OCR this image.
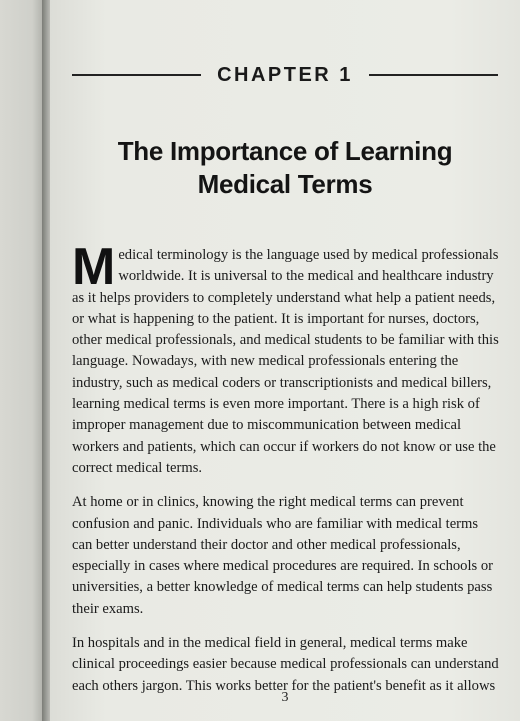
CHAPTER 1
The Importance of Learning
Medical Terms

Medical terminology is the language used by medical professionals worldwide. It is universal to the medical and healthcare industry as it helps providers to completely understand what help a patient needs, or what is happening to the patient. It is important for nurses, doctors, other medical professionals, and medical students to be familiar with this language. Nowadays, with new medical professionals entering the industry, such as medical coders or transcriptionists and medical billers, learning medical terms is even more important. There is a high risk of improper management due to miscommunication between medical workers and patients, which can occur if workers do not know or use the correct medical terms.

At home or in clinics, knowing the right medical terms can prevent confusion and panic. Individuals who are familiar with medical terms can better understand their doctor and other medical professionals, especially in cases where medical procedures are required. In schools or universities, a better knowledge of medical terms can help students pass their exams.

In hospitals and in the medical field in general, medical terms make clinical proceedings easier because medical professionals can understand each others jargon. This works better for the patient's benefit as it allows

3
